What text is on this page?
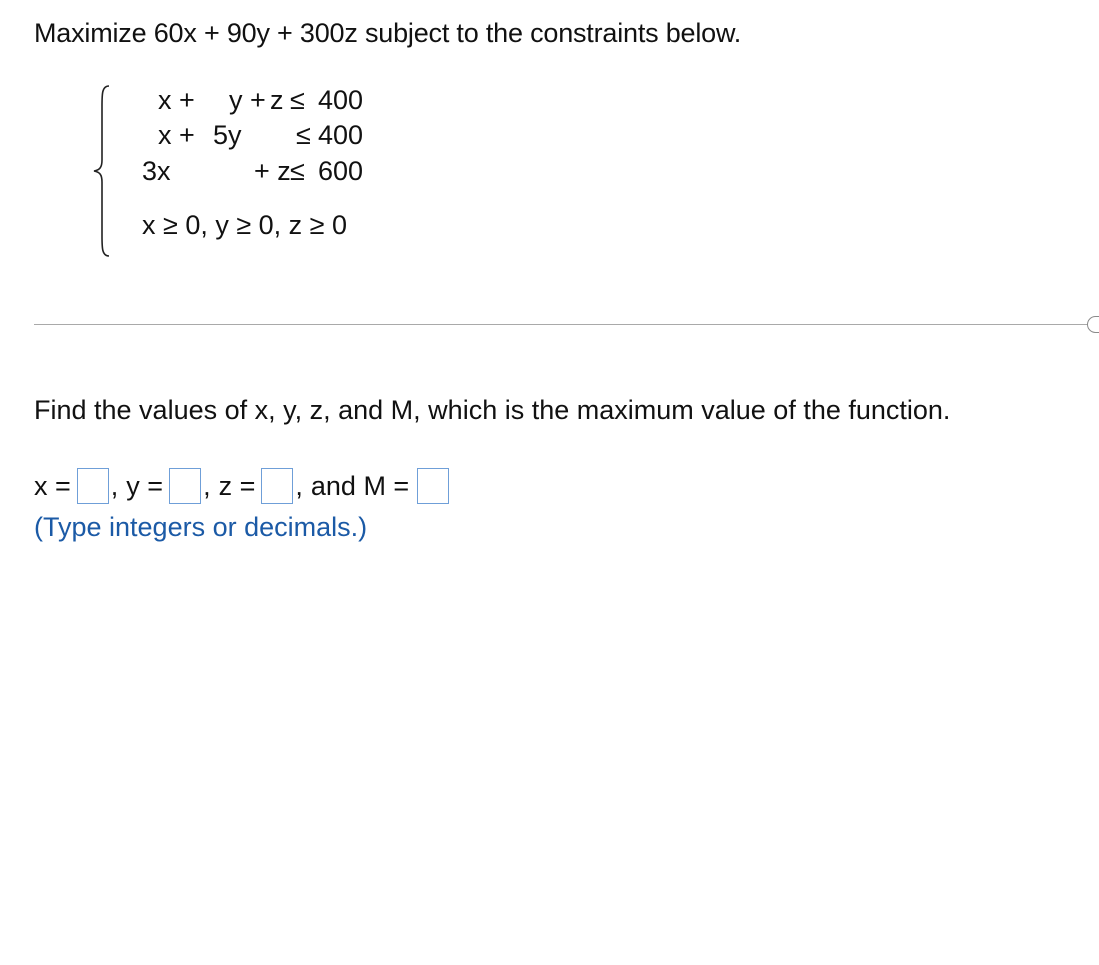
Maximize 60x + 90y + 300z subject to the constraints below.
x + y + z ≤ 400
x + 5y ≤ 400
3x	+ z ≤ 600
x ≥ 0, y ≥ 0, z ≥ 0
Find the values of x, y, z, and M, which is the maximum value of the function.
x = , y = , z = , and M =
(Type integers or decimals.)
